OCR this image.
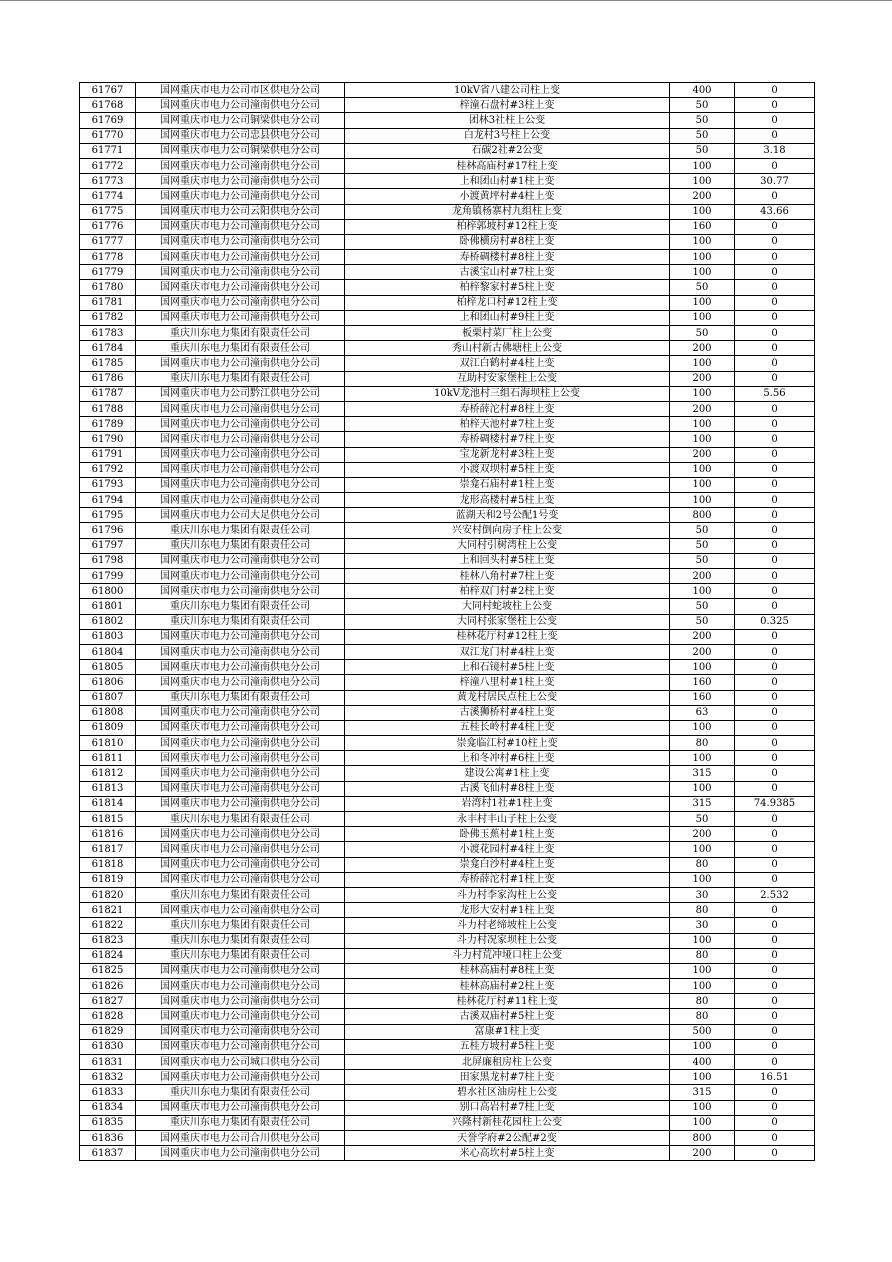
61767	国网重庆市电力公司市区供电分公司	10kV省八建公司柱上变	400	0
61768	国网重庆市电力公司潼南供电分公司	梓潼石盘村#3柱上变	50	0
61769	国网重庆市电力公司铜梁供电分公司	团林3社柱上公变	50	0
61770	国网重庆市电力公司忠县供电分公司	白龙村3号柱上公变	50	0
61771	国网重庆市电力公司铜梁供电分公司	石碳2社#2公变	50	3.18
61772	国网重庆市电力公司潼南供电分公司	桂林高庙村#17柱上变	100	0
61773	国网重庆市电力公司潼南供电分公司	上和团山村#1柱上变	100	30.77
61774	国网重庆市电力公司潼南供电分公司	小渡黄坪村#4柱上变	200	0
61775	国网重庆市电力公司云阳供电分公司	龙角镇杨寨村九组柱上变	100	43.66
61776	国网重庆市电力公司潼南供电分公司	柏梓郭坡村#12柱上变	160	0
61777	国网重庆市电力公司潼南供电分公司	卧佛横房村#8柱上变	100	0
61778	国网重庆市电力公司潼南供电分公司	寿桥碉楼村#8柱上变	100	0
61779	国网重庆市电力公司潼南供电分公司	古溪宝山村#7柱上变	100	0
61780	国网重庆市电力公司潼南供电分公司	柏梓黎家村#5柱上变	50	0
61781	国网重庆市电力公司潼南供电分公司	柏梓龙口村#12柱上变	100	0
61782	国网重庆市电力公司潼南供电分公司	上和团山村#9柱上变	100	0
61783	重庆川东电力集团有限责任公司	板栗村菜厂柱上公变	50	0
61784	重庆川东电力集团有限责任公司	秀山村新古佛塘柱上公变	200	0
61785	国网重庆市电力公司潼南供电分公司	双江白鹤村#4柱上变	100	0
61786	重庆川东电力集团有限责任公司	互助村安家堡柱上公变	200	0
61787	国网重庆市电力公司黔江供电分公司	10kV龙池村三组石海坝柱上公变	100	5.56
61788	国网重庆市电力公司潼南供电分公司	寿桥薛沱村#8柱上变	200	0
61789	国网重庆市电力公司潼南供电分公司	柏梓天池村#7柱上变	100	0
61790	国网重庆市电力公司潼南供电分公司	寿桥碉楼村#7柱上变	100	0
61791	国网重庆市电力公司潼南供电分公司	宝龙新龙村#3柱上变	200	0
61792	国网重庆市电力公司潼南供电分公司	小渡双坝村#5柱上变	100	0
61793	国网重庆市电力公司潼南供电分公司	崇龛石庙村#1柱上变	100	0
61794	国网重庆市电力公司潼南供电分公司	龙形高楼村#5柱上变	100	0
61795	国网重庆市电力公司大足供电分公司	蓝湖天和2号公配1号变	800	0
61796	重庆川东电力集团有限责任公司	兴安村倒向房子柱上公变	50	0
61797	重庆川东电力集团有限责任公司	大同村引树湾柱上公变	50	0
61798	国网重庆市电力公司潼南供电分公司	上和回头村#5柱上变	50	0
61799	国网重庆市电力公司潼南供电分公司	桂林八角村#7柱上变	200	0
61800	国网重庆市电力公司潼南供电分公司	柏梓双门村#2柱上变	100	0
61801	重庆川东电力集团有限责任公司	大同村蛇坡柱上公变	50	0
61802	重庆川东电力集团有限责任公司	大同村张家堡柱上公变	50	0.325
61803	国网重庆市电力公司潼南供电分公司	桂林花厅村#12柱上变	200	0
61804	国网重庆市电力公司潼南供电分公司	双江龙门村#4柱上变	200	0
61805	国网重庆市电力公司潼南供电分公司	上和石镜村#5柱上变	100	0
61806	国网重庆市电力公司潼南供电分公司	梓潼八里村#1柱上变	160	0
61807	重庆川东电力集团有限责任公司	黄龙村居民点柱上公变	160	0
61808	国网重庆市电力公司潼南供电分公司	古溪狮桥村#4柱上变	63	0
61809	国网重庆市电力公司潼南供电分公司	五桂长岭村#4柱上变	100	0
61810	国网重庆市电力公司潼南供电分公司	崇龛临江村#10柱上变	80	0
61811	国网重庆市电力公司潼南供电分公司	上和冬冲村#6柱上变	100	0
61812	国网重庆市电力公司潼南供电分公司	建设公寓#1柱上变	315	0
61813	国网重庆市电力公司潼南供电分公司	古溪飞仙村#8柱上变	100	0
61814	国网重庆市电力公司潼南供电分公司	岩湾村1社#1柱上变	315	74.9385
61815	重庆川东电力集团有限责任公司	永丰村丰山子柱上公变	50	0
61816	国网重庆市电力公司潼南供电分公司	卧佛玉蕉村#1柱上变	200	0
61817	国网重庆市电力公司潼南供电分公司	小渡花园村#4柱上变	100	0
61818	国网重庆市电力公司潼南供电分公司	崇龛白沙村#4柱上变	80	0
61819	国网重庆市电力公司潼南供电分公司	寿桥薛沱村#1柱上变	100	0
61820	重庆川东电力集团有限责任公司	斗力村李家沟柱上公变	30	2.532
61821	国网重庆市电力公司潼南供电分公司	龙形大安村#1柱上变	80	0
61822	重庆川东电力集团有限责任公司	斗力村老缔坡柱上公变	30	0
61823	重庆川东电力集团有限责任公司	斗力村况家坝柱上公变	100	0
61824	重庆川东电力集团有限责任公司	斗力村荒冲垭口柱上公变	80	0
61825	国网重庆市电力公司潼南供电分公司	桂林高庙村#8柱上变	100	0
61826	国网重庆市电力公司潼南供电分公司	桂林高庙村#2柱上变	100	0
61827	国网重庆市电力公司潼南供电分公司	桂林花厅村#11柱上变	80	0
61828	国网重庆市电力公司潼南供电分公司	古溪双庙村#5柱上变	80	0
61829	国网重庆市电力公司潼南供电分公司	富康#1柱上变	500	0
61830	国网重庆市电力公司潼南供电分公司	五桂方坡村#5柱上变	100	0
61831	国网重庆市电力公司城口供电分公司	北屏廉租房柱上公变	400	0
61832	国网重庆市电力公司潼南供电分公司	田家黑龙村#7柱上变	100	16.51
61833	重庆川东电力集团有限责任公司	碧水社区油房柱上公变	315	0
61834	国网重庆市电力公司潼南供电分公司	别口高岩村#7柱上变	100	0
61835	重庆川东电力集团有限责任公司	兴隆村新桂花园柱上公变	100	0
61836	国网重庆市电力公司合川供电分公司	天誉学府#2公配#2变	800	0
61837	国网重庆市电力公司潼南供电分公司	米心高坎村#5柱上变	200	0
